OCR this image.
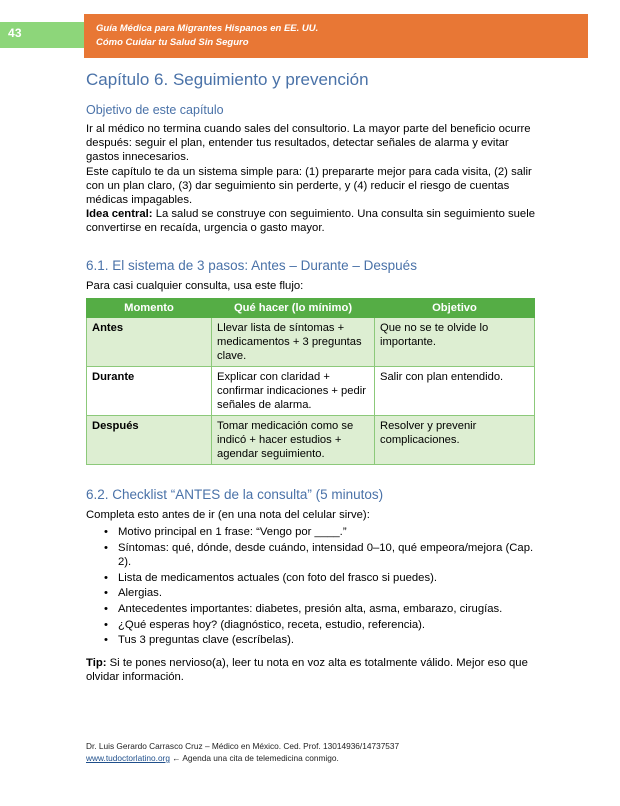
43	Guía Médica para Migrantes Hispanos en EE. UU.
Cómo Cuidar tu Salud Sin Seguro
Capítulo 6. Seguimiento y prevención
Objetivo de este capítulo

Ir al médico no termina cuando sales del consultorio. La mayor parte del beneficio ocurre después: seguir el plan, entender tus resultados, detectar señales de alarma y evitar gastos innecesarios.

Este capítulo te da un sistema simple para: (1) prepararte mejor para cada visita, (2) salir con un plan claro, (3) dar seguimiento sin perderte, y (4) reducir el riesgo de cuentas médicas impagables.

Idea central: La salud se construye con seguimiento. Una consulta sin seguimiento suele convertirse en recaída, urgencia o gasto mayor.

6.1. El sistema de 3 pasos: Antes – Durante – Después

Para casi cualquier consulta, usa este flujo:

Momento	Qué hacer (lo mínimo)	Objetivo
Antes	Llevar lista de síntomas + medicamentos + 3 preguntas clave.	Que no se te olvide lo importante.
Durante	Explicar con claridad + confirmar indicaciones + pedir señales de alarma.	Salir con plan entendido.
Después	Tomar medicación como se indicó + hacer estudios + agendar seguimiento.	Resolver y prevenir complicaciones.
6.2. Checklist “ANTES de la consulta” (5 minutos)

Completa esto antes de ir (en una nota del celular sirve):

• Motivo principal en 1 frase: “Vengo por ____.”
• Síntomas: qué, dónde, desde cuándo, intensidad 0–10, qué empeora/mejora (Cap. 2).
• Lista de medicamentos actuales (con foto del frasco si puedes).
• Alergias.
• Antecedentes importantes: diabetes, presión alta, asma, embarazo, cirugías.
• ¿Qué esperas hoy? (diagnóstico, receta, estudio, referencia).
• Tus 3 preguntas clave (escríbelas).

Tip: Si te pones nervioso(a), leer tu nota en voz alta es totalmente válido. Mejor eso que olvidar información.

Dr. Luis Gerardo Carrasco Cruz – Médico en México. Ced. Prof. 13014936/14737537
www.tudoctorlatino.org ← Agenda una cita de telemedicina conmigo.
